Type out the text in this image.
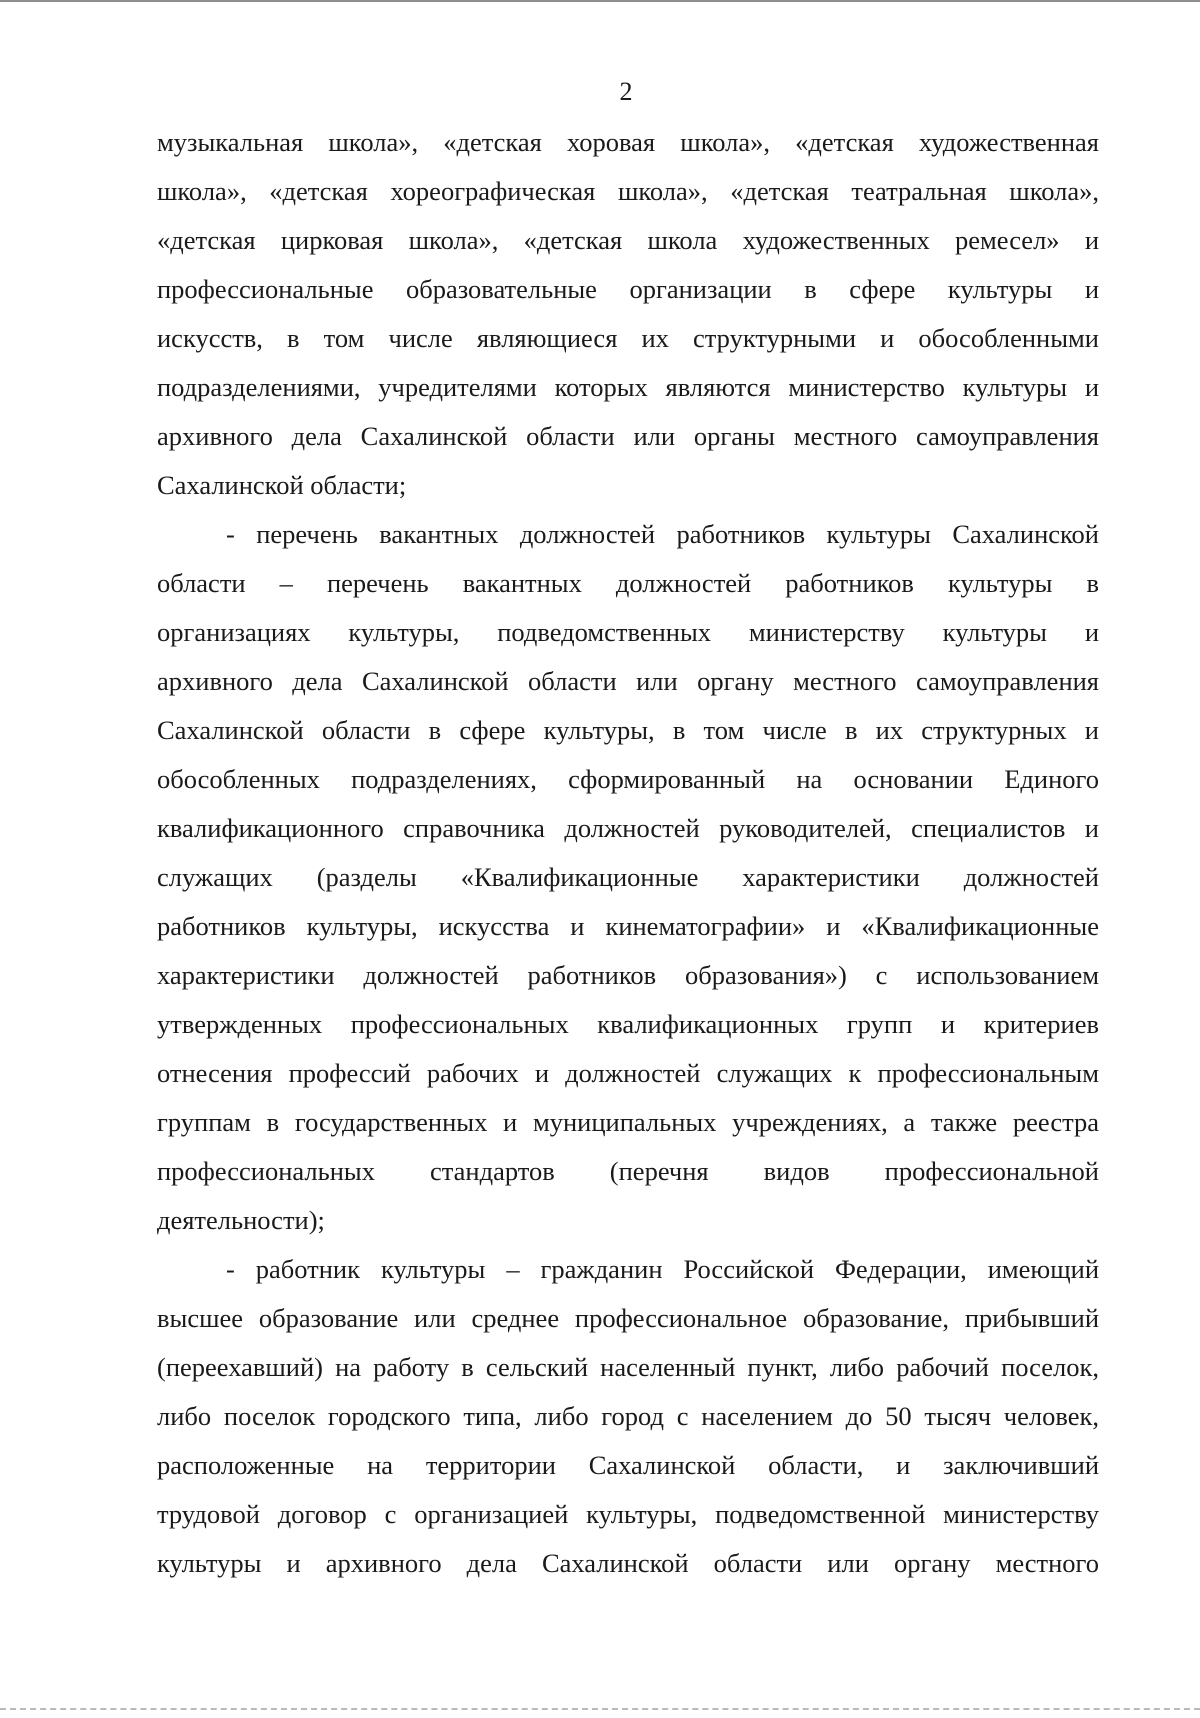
2
музыкальная школа», «детская хоровая школа», «детская художественная
школа», «детская хореографическая школа», «детская театральная школа»,
«детская цирковая школа», «детская школа художественных ремесел» и
профессиональные образовательные организации в сфере культуры и
искусств, в том числе являющиеся их структурными и обособленными
подразделениями, учредителями которых являются министерство культуры и
архивного дела Сахалинской области или органы местного самоуправления
Сахалинской области;
- перечень вакантных должностей работников культуры Сахалинской
области – перечень вакантных должностей работников культуры в
организациях культуры, подведомственных министерству культуры и
архивного дела Сахалинской области или органу местного самоуправления
Сахалинской области в сфере культуры, в том числе в их структурных и
обособленных подразделениях, сформированный на основании Единого
квалификационного справочника должностей руководителей, специалистов и
служащих (разделы «Квалификационные характеристики должностей
работников культуры, искусства и кинематографии» и «Квалификационные
характеристики должностей работников образования») с использованием
утвержденных профессиональных квалификационных групп и критериев
отнесения профессий рабочих и должностей служащих к профессиональным
группам в государственных и муниципальных учреждениях, а также реестра
профессиональных стандартов (перечня видов профессиональной
деятельности);
- работник культуры – гражданин Российской Федерации, имеющий
высшее образование или среднее профессиональное образование, прибывший
(переехавший) на работу в сельский населенный пункт, либо рабочий поселок,
либо поселок городского типа, либо город с населением до 50 тысяч человек,
расположенные на территории Сахалинской области, и заключивший
трудовой договор с организацией культуры, подведомственной министерству
культуры и архивного дела Сахалинской области или органу местного
